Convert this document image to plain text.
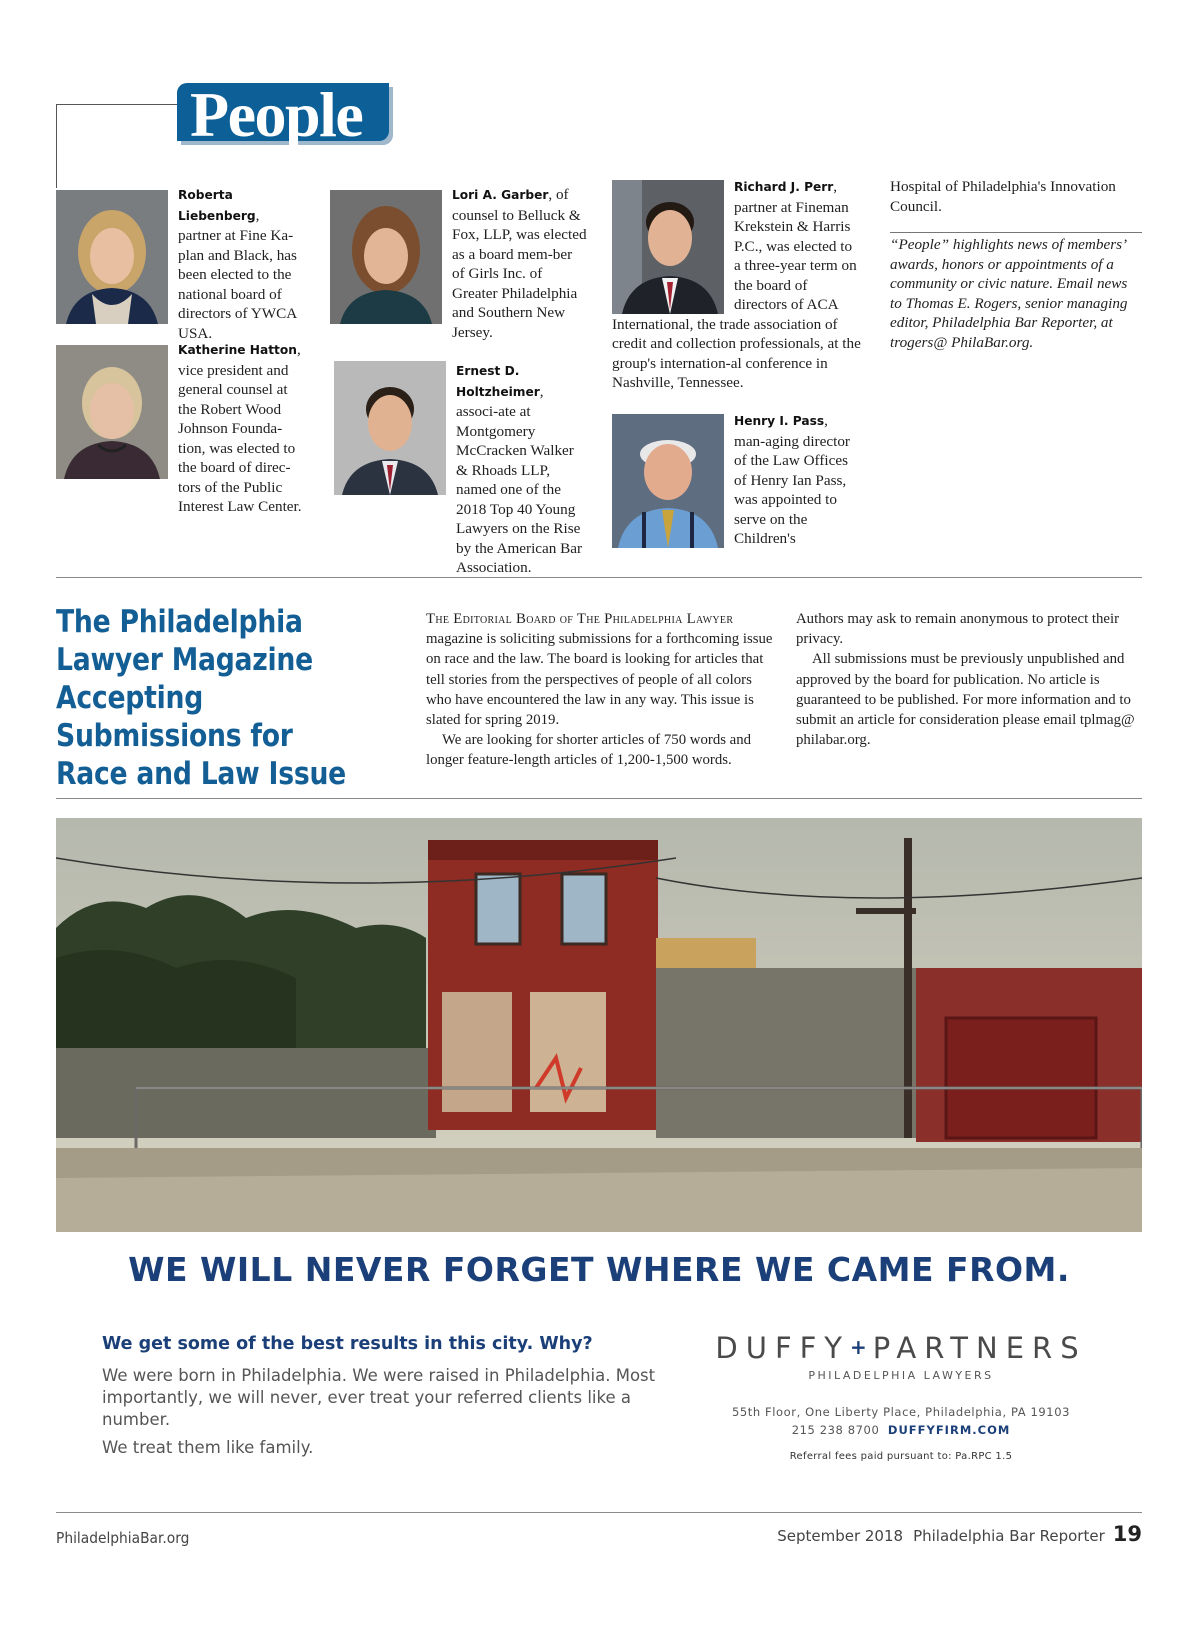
People
Roberta Liebenberg, partner at Fine Ka-plan and Black, has been elected to the national board of directors of YWCA USA.
Katherine Hatton, vice president and general counsel at the Robert Wood Johnson Founda-tion, was elected to the board of direc-tors of the Public Interest Law Center.
Lori A. Garber, of counsel to Belluck & Fox, LLP, was elected as a board mem-ber of Girls Inc. of Greater Philadelphia and Southern New Jersey.
Ernest D. Holtzheimer, associ-ate at Montgomery McCracken Walker & Rhoads LLP, named one of the 2018 Top 40 Young Lawyers on the Rise by the American Bar Association.
Richard J. Perr, partner at Fineman Krekstein & Harris P.C., was elected to a three-year term on the board of directors of ACA International, the trade association of credit and collection professionals, at the group's internation-al conference in Nashville, Tennessee.
Henry I. Pass, man-aging director of the Law Offices of Henry Ian Pass, was appointed to serve on the Children's
Hospital of Philadelphia's Innovation Council.
“People” highlights news of members’ awards, honors or appointments of a community or civic nature. Email news to Thomas E. Rogers, senior managing editor, Philadelphia Bar Reporter, at trogers@ PhilaBar.org.
The Philadelphia Lawyer Magazine Accepting Submissions for Race and Law Issue
The Editorial Board of The Philadelphia Lawyer magazine is soliciting submissions for a forthcoming issue on race and the law. The board is looking for articles that tell stories from the perspectives of people of all colors who have encountered the law in any way. This issue is slated for spring 2019.
We are looking for shorter articles of 750 words and longer feature-length articles of 1,200-1,500 words.
Authors may ask to remain anonymous to protect their privacy.
All submissions must be previously unpublished and approved by the board for publication. No article is guaranteed to be published. For more information and to submit an article for consideration please email tplmag@ philabar.org.
WE WILL NEVER FORGET WHERE WE CAME FROM.
We get some of the best results in this city. Why?

We were born in Philadelphia. We were raised in Philadelphia. Most importantly, we will never, ever treat your referred clients like a number.

We treat them like family.

DUFFY+PARTNERS
PHILADELPHIA LAWYERS
55th Floor, One Liberty Place, Philadelphia, PA 19103
215 238 8700 DUFFYFIRM.COM
Referral fees paid pursuant to: Pa.RPC 1.5
PhiladelphiaBar.org	September 2018 Philadelphia Bar Reporter 19
